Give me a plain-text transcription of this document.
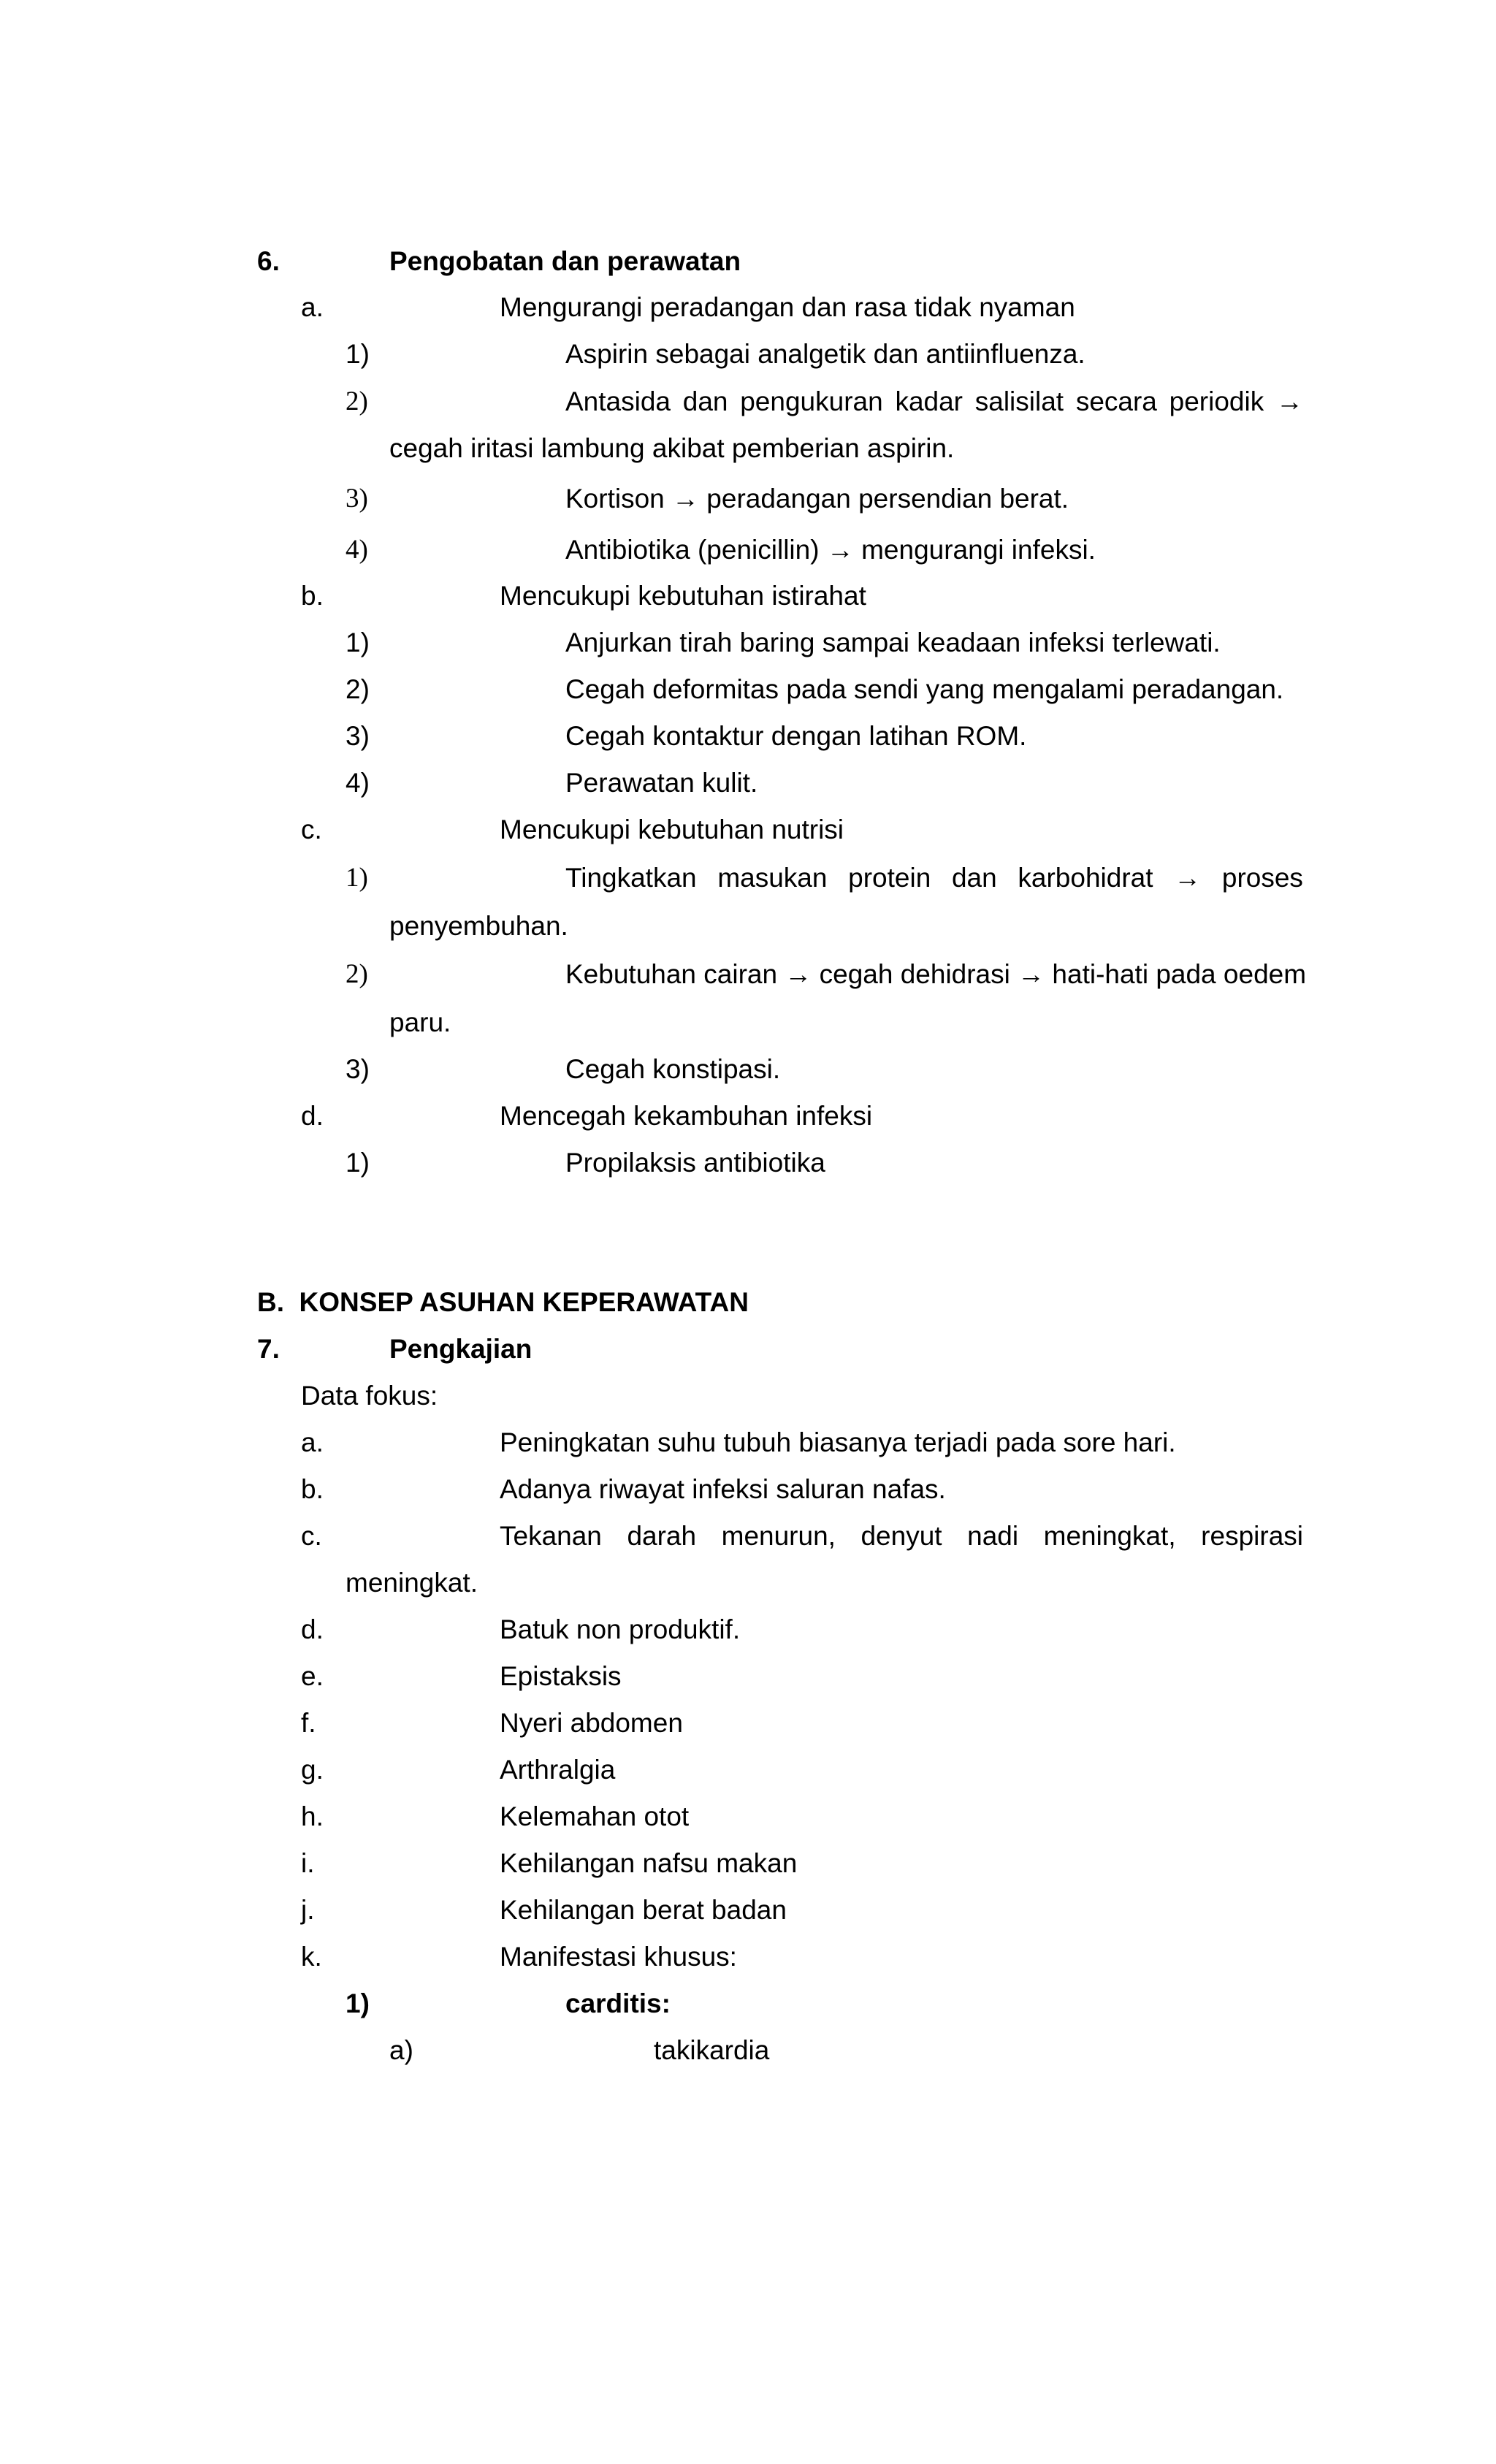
6.	Pengobatan dan perawatan
a.	Mengurangi peradangan dan rasa tidak nyaman
1)	Aspirin sebagai analgetik dan antiinfluenza.
2)	Antasida dan pengukuran kadar salisilat secara periodik →
cegah iritasi lambung akibat pemberian aspirin.
3)	Kortison → peradangan persendian berat.
4)	Antibiotika (penicillin) → mengurangi infeksi.
b.	Mencukupi kebutuhan istirahat
1)	Anjurkan tirah baring sampai keadaan infeksi terlewati.
2)	Cegah deformitas pada sendi yang mengalami peradangan.
3)	Cegah kontaktur dengan latihan ROM.
4)	Perawatan kulit.
c.	Mencukupi kebutuhan nutrisi
1)	Tingkatkan masukan protein dan karbohidrat → proses
penyembuhan.
2)	Kebutuhan cairan → cegah dehidrasi → hati-hati pada oedem
paru.
3)	Cegah konstipasi.
d.	Mencegah kekambuhan infeksi
1)	Propilaksis antibiotika
B.  KONSEP ASUHAN KEPERAWATAN
7.	Pengkajian
Data fokus:
a.	Peningkatan suhu tubuh biasanya terjadi pada sore hari.
b.	Adanya riwayat infeksi saluran nafas.
c.	Tekanan darah menurun, denyut nadi meningkat, respirasi
meningkat.
d.	Batuk non produktif.
e.	Epistaksis
f.	Nyeri abdomen
g.	Arthralgia
h.	Kelemahan otot
i.	Kehilangan nafsu makan
j.	Kehilangan berat badan
k.	Manifestasi khusus:
1)	carditis:
a)	takikardia
